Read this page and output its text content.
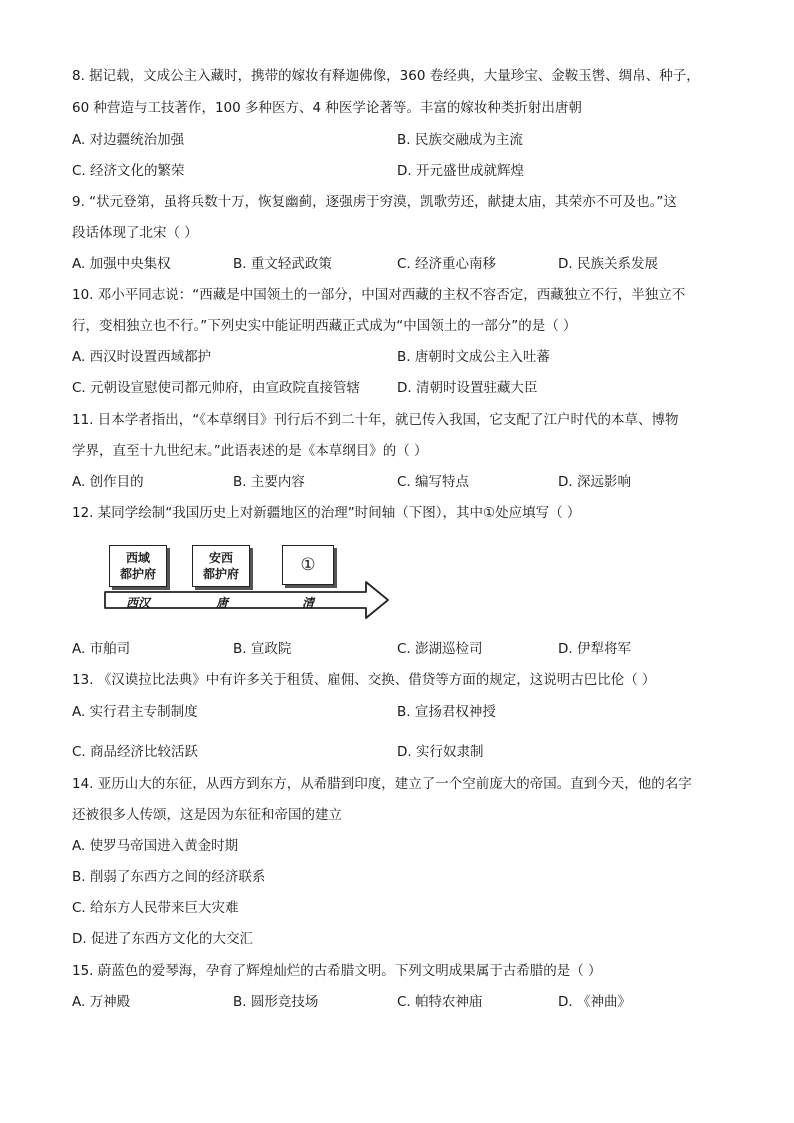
8. 据记载，文成公主入藏时，携带的嫁妆有释迦佛像，360 卷经典，大量珍宝、金鞍玉辔、绸帛、种子，
60 种营造与工技著作，100 多种医方、4 种医学论著等。丰富的嫁妆种类折射出唐朝
A. 对边疆统治加强	B. 民族交融成为主流
C. 经济文化的繁荣	D. 开元盛世成就辉煌
9. “状元登第，虽将兵数十万，恢复幽蓟，逐强虏于穷漠，凯歌劳还，献捷太庙，其荣亦不可及也。”这
段话体现了北宋（ ）
A. 加强中央集权	B. 重文轻武政策	C. 经济重心南移	D. 民族关系发展
10. 邓小平同志说：“西藏是中国领土的一部分，中国对西藏的主权不容否定，西藏独立不行，半独立不
行，变相独立也不行。”下列史实中能证明西藏正式成为“中国领土的一部分”的是（ ）
A. 西汉时设置西域都护	B. 唐朝时文成公主入吐蕃
C. 元朝设宣慰使司都元帅府，由宣政院直接管辖	D. 清朝时设置驻藏大臣
11. 日本学者指出，“《本草纲目》刊行后不到二十年，就已传入我国，它支配了江户时代的本草、博物
学界，直至十九世纪末。”此语表述的是《本草纲目》的（ ）
A. 创作目的	B. 主要内容	C. 编写特点	D. 深远影响
12. 某同学绘制“我国历史上对新疆地区的治理”时间轴（下图），其中①处应填写（ ）
西域
都护府
安西
都护府	①
西汉	唐	清
A. 市舶司	B. 宣政院	C. 澎湖巡检司	D. 伊犁将军
13. 《汉谟拉比法典》中有许多关于租赁、雇佣、交换、借贷等方面的规定，这说明古巴比伦（ ）
A. 实行君主专制制度	B. 宣扬君权神授
C. 商品经济比较活跃	D. 实行奴隶制
14. 亚历山大的东征，从西方到东方，从希腊到印度，建立了一个空前庞大的帝国。直到今天，他的名字
还被很多人传颂，这是因为东征和帝国的建立
A. 使罗马帝国进入黄金时期
B. 削弱了东西方之间的经济联系
C. 给东方人民带来巨大灾难
D. 促进了东西方文化的大交汇
15. 蔚蓝色的爱琴海，孕育了辉煌灿烂的古希腊文明。下列文明成果属于古希腊的是（ ）
A. 万神殿	B. 圆形竞技场	C. 帕特农神庙	D. 《神曲》
